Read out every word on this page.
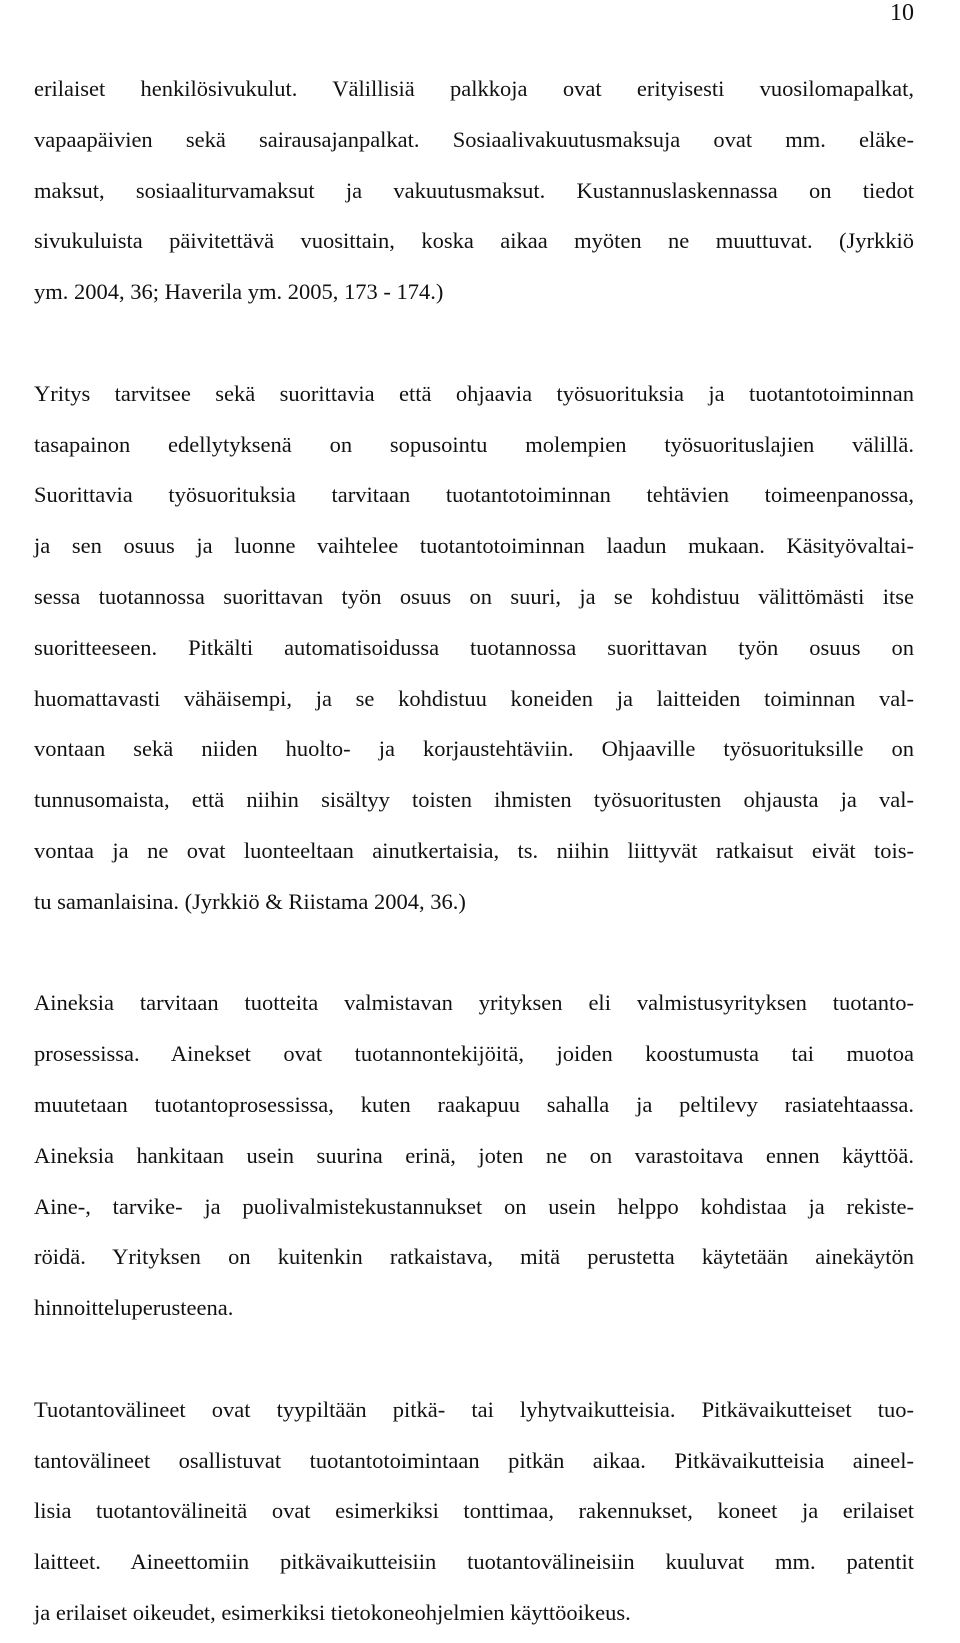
10

erilaiset henkilösivukulut. Välillisiä palkkoja ovat erityisesti vuosilomapalkat,
vapaapäivien sekä sairausajanpalkat. Sosiaalivakuutusmaksuja ovat mm. eläke-
maksut, sosiaaliturvamaksut ja vakuutusmaksut. Kustannuslaskennassa on tiedot
sivukuluista päivitettävä vuosittain, koska aikaa myöten ne muuttuvat. (Jyrkkiö
ym. 2004, 36; Haverila ym. 2005, 173 - 174.)

Yritys tarvitsee sekä suorittavia että ohjaavia työsuorituksia ja tuotantotoiminnan
tasapainon edellytyksenä on sopusointu molempien työsuorituslajien välillä.
Suorittavia työsuorituksia tarvitaan tuotantotoiminnan tehtävien toimeenpanossa,
ja sen osuus ja luonne vaihtelee tuotantotoiminnan laadun mukaan. Käsityövaltai-
sessa tuotannossa suorittavan työn osuus on suuri, ja se kohdistuu välittömästi itse
suoritteeseen. Pitkälti automatisoidussa tuotannossa suorittavan työn osuus on
huomattavasti vähäisempi, ja se kohdistuu koneiden ja laitteiden toiminnan val-
vontaan sekä niiden huolto- ja korjaustehtäviin. Ohjaaville työsuorituksille on
tunnusomaista, että niihin sisältyy toisten ihmisten työsuoritusten ohjausta ja val-
vontaa ja ne ovat luonteeltaan ainutkertaisia, ts. niihin liittyvät ratkaisut eivät tois-
tu samanlaisina. (Jyrkkiö & Riistama 2004, 36.)

Aineksia tarvitaan tuotteita valmistavan yrityksen eli valmistusyrityksen tuotanto-
prosessissa. Ainekset ovat tuotannontekijöitä, joiden koostumusta tai muotoa
muutetaan tuotantoprosessissa, kuten raakapuu sahalla ja peltilevy rasiatehtaassa.
Aineksia hankitaan usein suurina erinä, joten ne on varastoitava ennen käyttöä.
Aine-, tarvike- ja puolivalmistekustannukset on usein helppo kohdistaa ja rekiste-
röidä. Yrityksen on kuitenkin ratkaistava, mitä perustetta käytetään ainekäytön
hinnoitteluperusteena.

Tuotantovälineet ovat tyypiltään pitkä- tai lyhytvaikutteisia. Pitkävaikutteiset tuo-
tantovälineet osallistuvat tuotantotoimintaan pitkän aikaa. Pitkävaikutteisia aineel-
lisia tuotantovälineitä ovat esimerkiksi tonttimaa, rakennukset, koneet ja erilaiset
laitteet. Aineettomiin pitkävaikutteisiin tuotantovälineisiin kuuluvat mm. patentit
ja erilaiset oikeudet, esimerkiksi tietokoneohjelmien käyttöoikeus.
